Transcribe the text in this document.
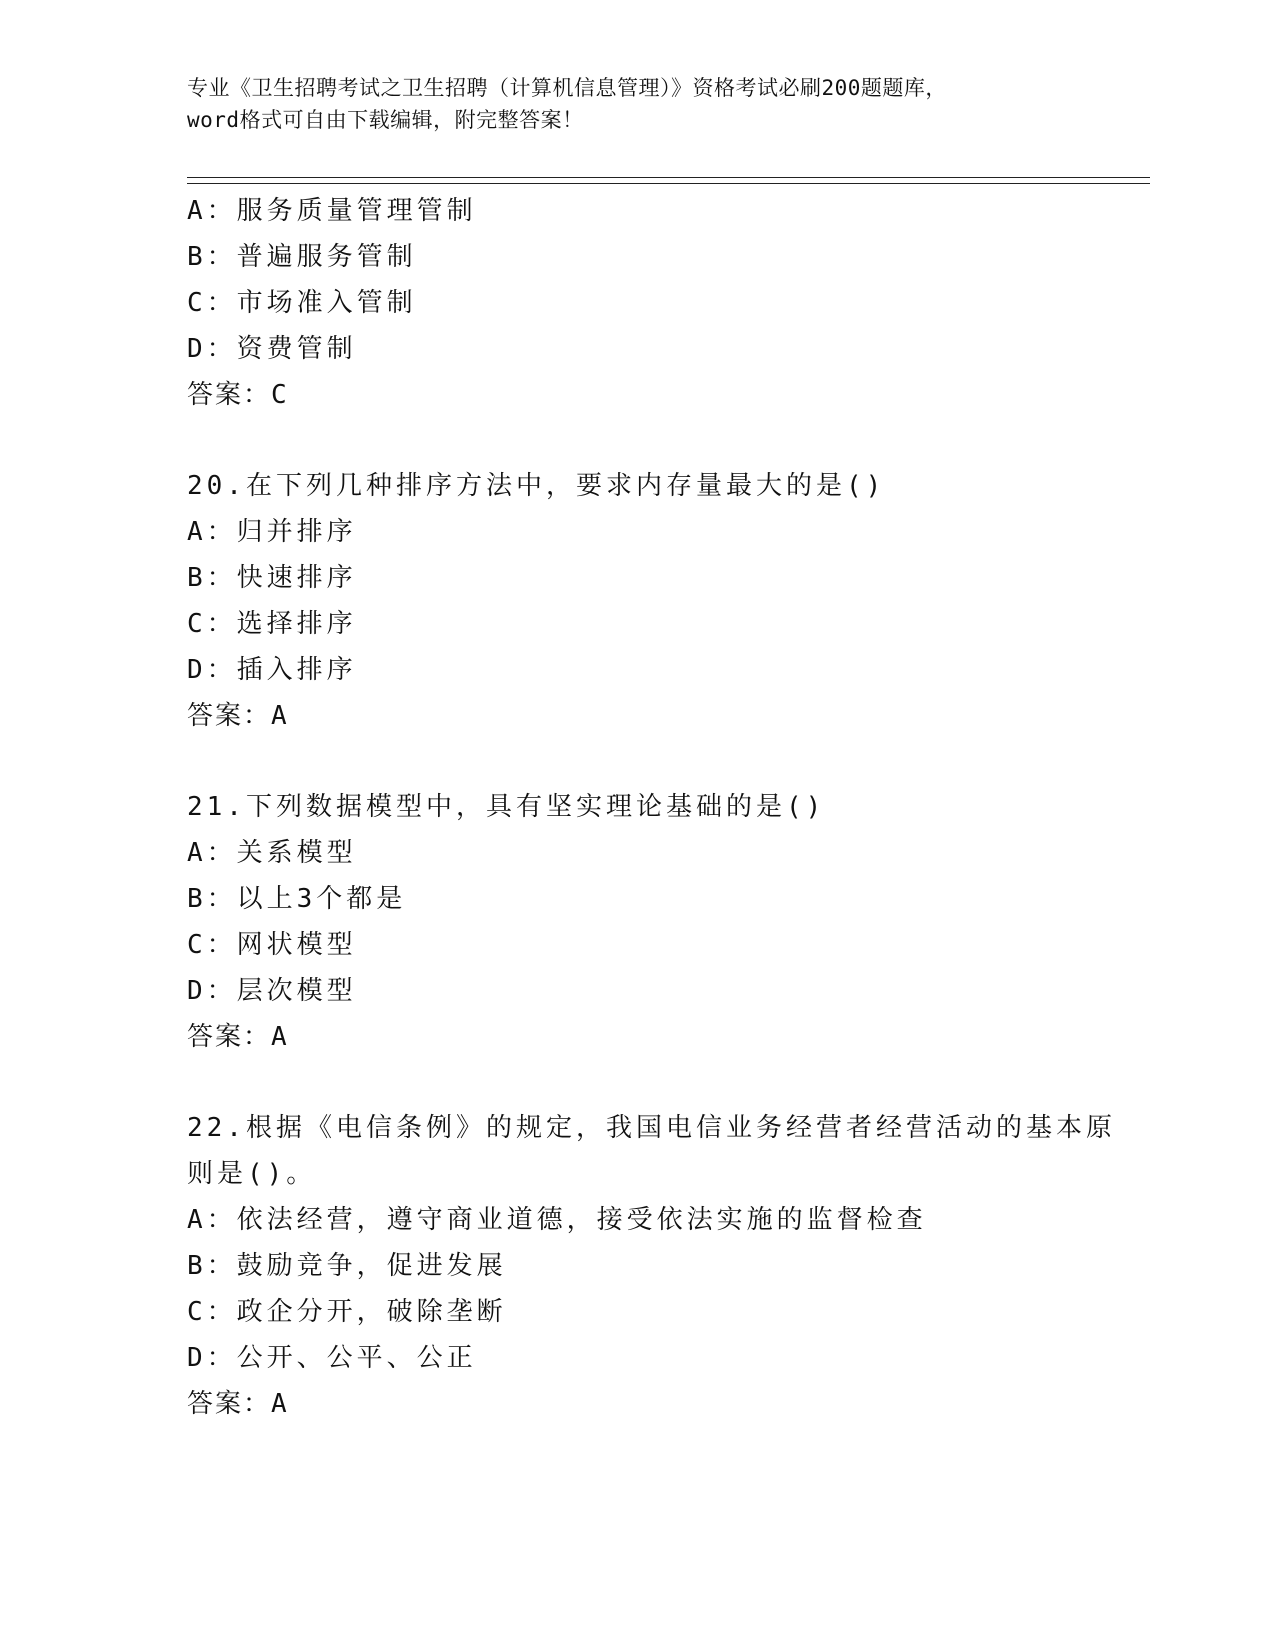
专业《卫生招聘考试之卫生招聘（计算机信息管理）》资格考试必刷200题题库，
word格式可自由下载编辑，附完整答案！
A：服务质量管理管制
B：普遍服务管制
C：市场准入管制
D：资费管制
答案：C
20.在下列几种排序方法中，要求内存量最大的是()
A：归并排序
B：快速排序
C：选择排序
D：插入排序
答案：A
21.下列数据模型中，具有坚实理论基础的是()
A：关系模型
B：以上3个都是
C：网状模型
D：层次模型
答案：A
22.根据《电信条例》的规定，我国电信业务经营者经营活动的基本原
则是()。
A：依法经营，遵守商业道德，接受依法实施的监督检查
B：鼓励竞争，促进发展
C：政企分开，破除垄断
D：公开、公平、公正
答案：A
